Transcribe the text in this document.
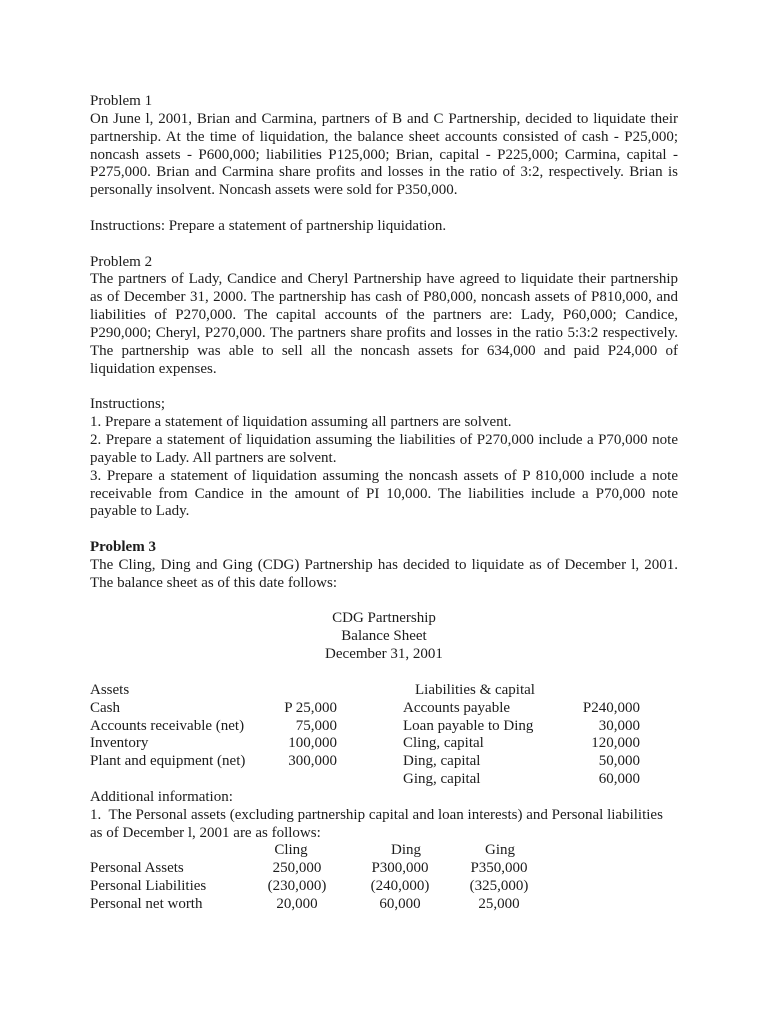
Problem 1
On June l, 2001, Brian and Carmina, partners of B and C Partnership, decided to liquidate their
partnership. At the time of liquidation, the balance sheet accounts consisted of cash - P25,000;
noncash assets - P600,000; liabilities P125,000; Brian, capital - P225,000; Carmina, capital -
P275,000. Brian and Carmina share profits and losses in the ratio of 3:2, respectively. Brian is
personally insolvent. Noncash assets were sold for P350,000.
Instructions: Prepare a statement of partnership liquidation.
Problem 2
The partners of Lady, Candice and Cheryl Partnership have agreed to liquidate their partnership
as of December 31, 2000. The partnership has cash of P80,000, noncash assets of P810,000, and
liabilities of P270,000. The capital accounts of the partners are: Lady, P60,000; Candice,
P290,000; Cheryl, P270,000. The partners share profits and losses in the ratio 5:3:2 respectively.
The partnership was able to sell all the noncash assets for 634,000 and paid P24,000 of
liquidation expenses.
Instructions;
1. Prepare a statement of liquidation assuming all partners are solvent.
2. Prepare a statement of liquidation assuming the liabilities of P270,000 include a P70,000 note
payable to Lady. All partners are solvent.
3. Prepare a statement of liquidation assuming the noncash assets of P 810,000 include a note
receivable from Candice in the amount of PI 10,000. The liabilities include a P70,000 note
payable to Lady.
Problem 3
The Cling, Ding and Ging (CDG) Partnership has decided to liquidate as of December l, 2001.
The balance sheet as of this date follows:
CDG Partnership
Balance Sheet
December 31, 2001
Assets	Liabilities & capital
Cash	P 25,000	Accounts payable	P240,000
Accounts receivable (net)	75,000	Loan payable to Ding	30,000
Inventory	100,000	Cling, capital	120,000
Plant and equipment (net)	300,000	Ding, capital	50,000
Ging, capital	60,000
Additional information:
1.  The Personal assets (excluding partnership capital and loan interests) and Personal liabilities
as of December l, 2001 are as follows:
Cling	Ding	Ging
Personal Assets	250,000	P300,000	P350,000
Personal Liabilities	(230,000)	(240,000)	(325,000)
Personal net worth	20,000	60,000	25,000
